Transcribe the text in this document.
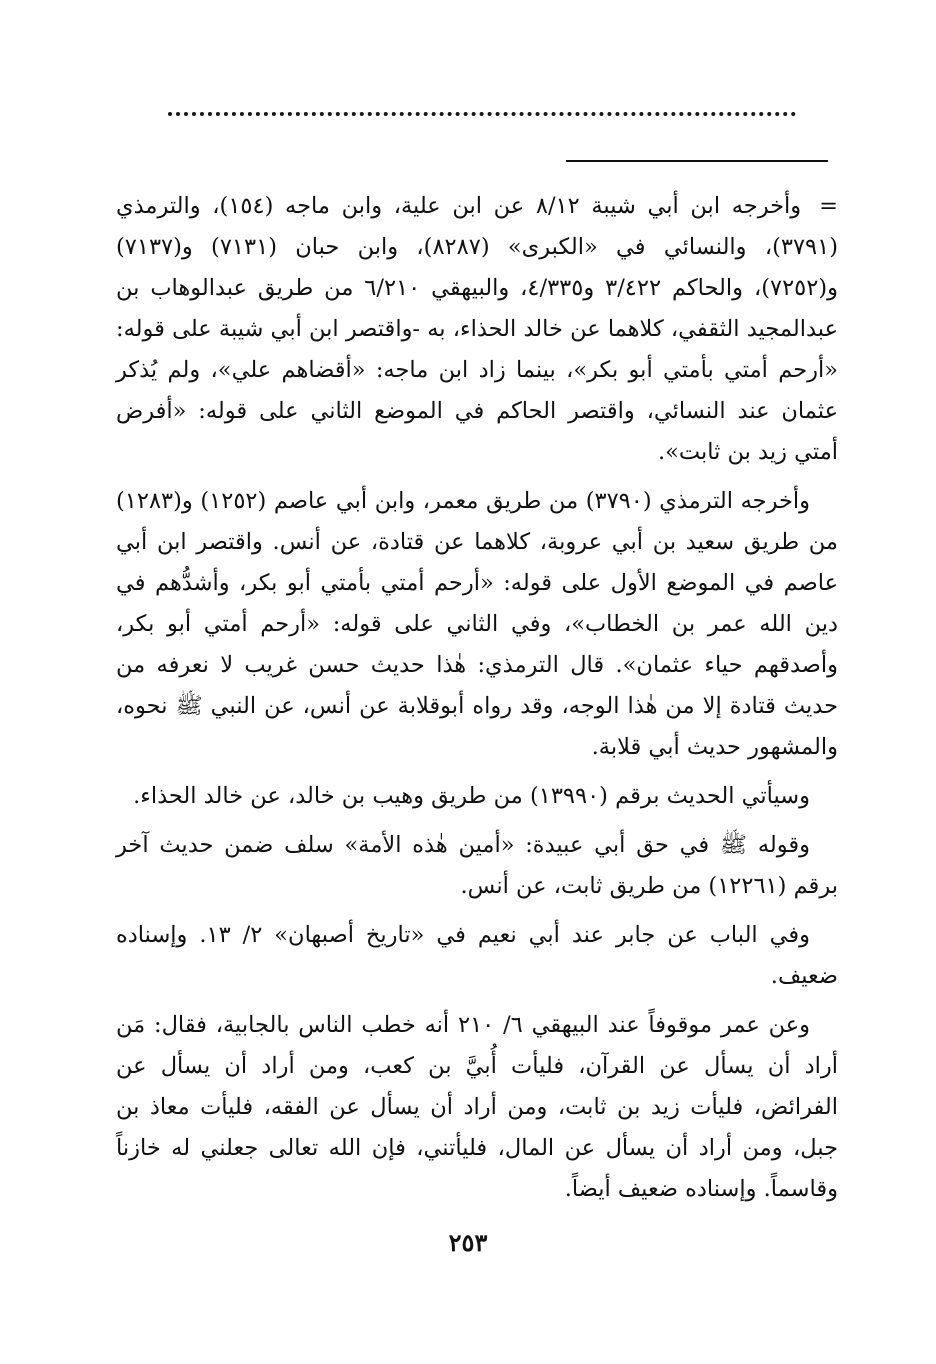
=وأخرجه ابن أبي شيبة ٨/١٢ عن ابن علية، وابن ماجه (١٥٤)، والترمذي (٣٧٩١)، والنسائي في «الكبرى» (٨٢٨٧)، وابن حبان (٧١٣١) و(٧١٣٧) و(٧٢٥٢)، والحاكم ٣/٤٢٢ و٤/٣٣٥، والبيهقي ٦/٢١٠ من طريق عبدالوهاب بن عبدالمجيد الثقفي، كلاهما عن خالد الحذاء، به -واقتصر ابن أبي شيبة على قوله: «أرحم أمتي بأمتي أبو بكر»، بينما زاد ابن ماجه: «أقضاهم علي»، ولم يُذكر عثمان عند النسائي، واقتصر الحاكم في الموضع الثاني على قوله: «أفرض أمتي زيد بن ثابت».

وأخرجه الترمذي (٣٧٩٠) من طريق معمر، وابن أبي عاصم (١٢٥٢) و(١٢٨٣) من طريق سعيد بن أبي عروبة، كلاهما عن قتادة، عن أنس. واقتصر ابن أبي عاصم في الموضع الأول على قوله: «أرحم أمتي بأمتي أبو بكر، وأشدُّهم في دين الله عمر بن الخطاب»، وفي الثاني على قوله: «أرحم أمتي أبو بكر، وأصدقهم حياء عثمان». قال الترمذي: هٰذا حديث حسن غريب لا نعرفه من حديث قتادة إلا من هٰذا الوجه، وقد رواه أبوقلابة عن أنس، عن النبي ﷺ نحوه، والمشهور حديث أبي قلابة.

وسيأتي الحديث برقم (١٣٩٩٠) من طريق وهيب بن خالد، عن خالد الحذاء.

وقوله ﷺ في حق أبي عبيدة: «أمين هٰذه الأمة» سلف ضمن حديث آخر برقم (١٢٢٦١) من طريق ثابت، عن أنس.

وفي الباب عن جابر عند أبي نعيم في «تاريخ أصبهان» ٢/ ١٣. وإسناده ضعيف.

وعن عمر موقوفاً عند البيهقي ٦/ ٢١٠ أنه خطب الناس بالجابية، فقال: مَن أراد أن يسأل عن القرآن، فليأت أُبيَّ بن كعب، ومن أراد أن يسأل عن الفرائض، فليأت زيد بن ثابت، ومن أراد أن يسأل عن الفقه، فليأت معاذ بن جبل، ومن أراد أن يسأل عن المال، فليأتني، فإن الله تعالى جعلني له خازناً وقاسماً. وإسناده ضعيف أيضاً.

٢٥٣
